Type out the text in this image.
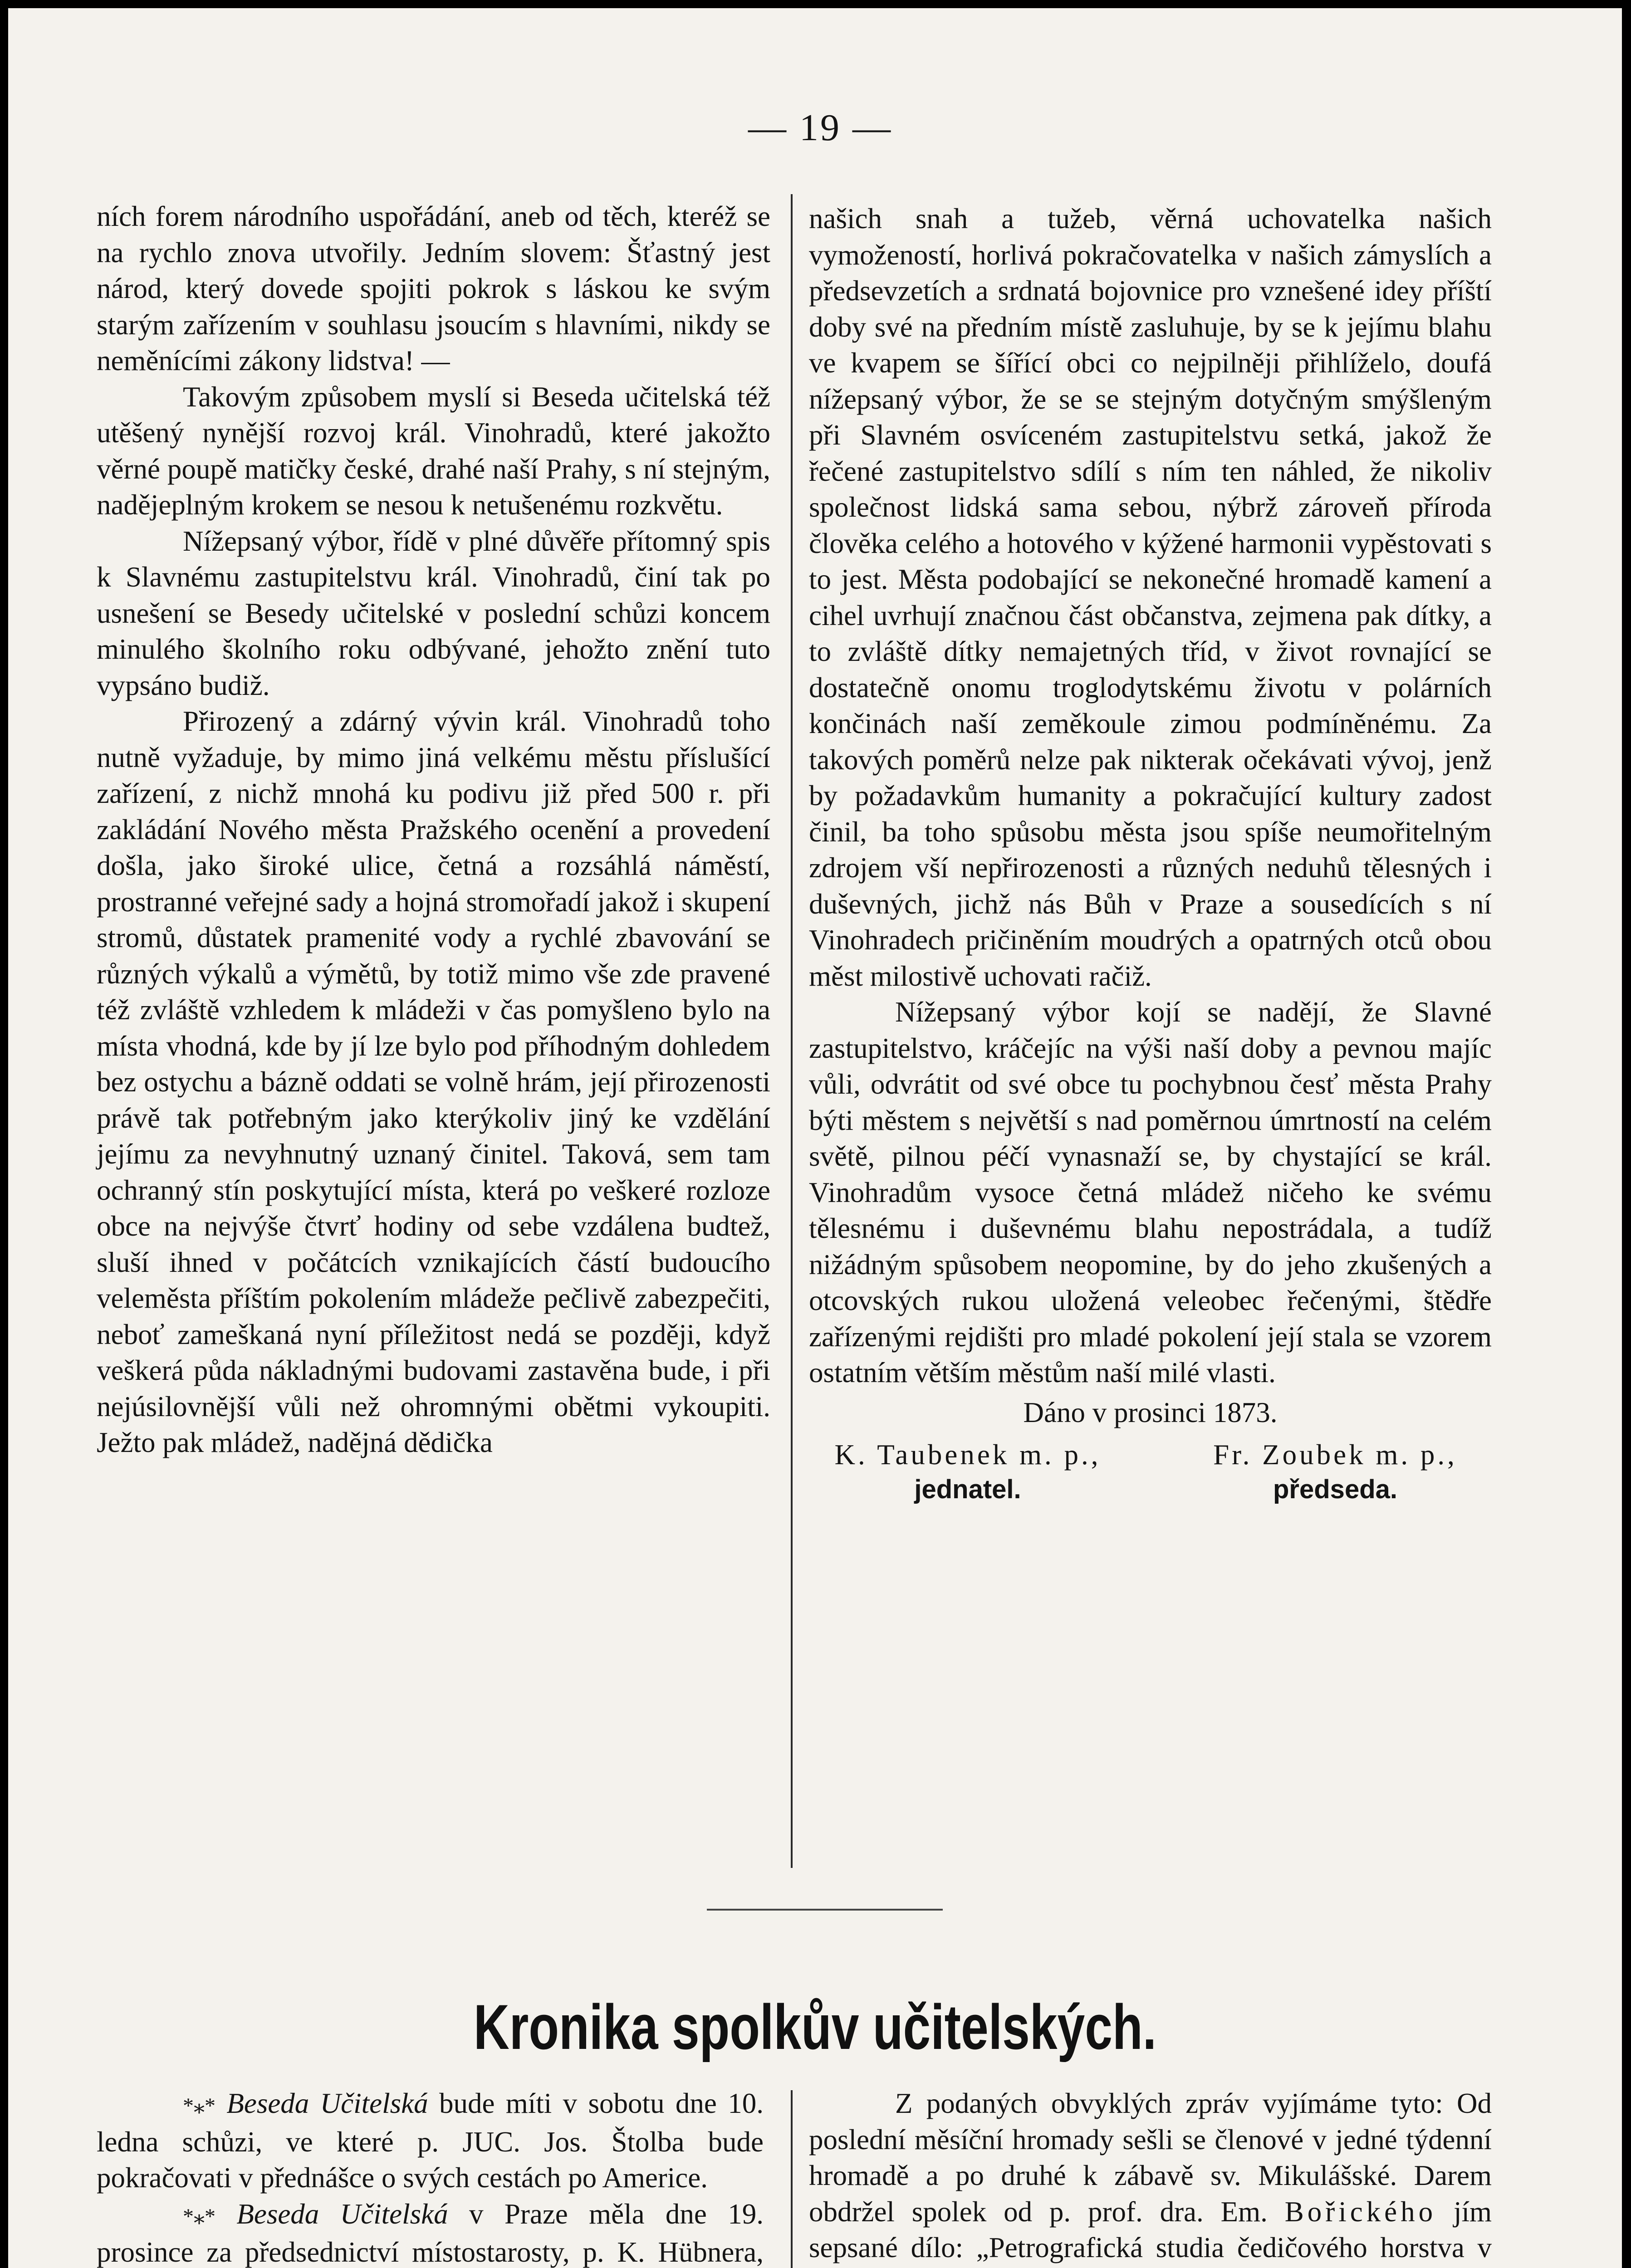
— 19 —

ních forem národního uspořádání, aneb od těch, kteréž se na rychlo znova utvořily. Jedním slovem: Šťastný jest národ, který dovede spojiti pokrok s láskou ke svým starým zařízením v souhlasu jsoucím s hlavními, nikdy se neměnícími zákony lidstva! —

Takovým způsobem myslí si Beseda učitelská též utěšený nynější rozvoj král. Vinohradů, které jakožto věrné poupě matičky české, drahé naší Prahy, s ní stejným, nadějeplným krokem se nesou k netušenému rozkvětu.

Nížepsaný výbor, řídě v plné důvěře přítomný spis k Slavnému zastupitelstvu král. Vinohradů, činí tak po usnešení se Besedy učitelské v poslední schůzi koncem minulého školního roku odbývané, jehožto znění tuto vypsáno budiž.

Přirozený a zdárný vývin král. Vinohradů toho nutně vyžaduje, by mimo jiná velkému městu příslušící zařízení, z nichž mnohá ku podivu již před 500 r. při zakládání Nového města Pražského ocenění a provedení došla, jako široké ulice, četná a rozsáhlá náměstí, prostranné veřejné sady a hojná stromořadí jakož i skupení stromů, důstatek pramenité vody a rychlé zbavování se různých výkalů a výmětů, by totiž mimo vše zde pravené též zvláště vzhledem k mládeži v čas pomyšleno bylo na místa vhodná, kde by jí lze bylo pod příhodným dohledem bez ostychu a bázně oddati se volně hrám, její přirozenosti právě tak potřebným jako kterýkoliv jiný ke vzdělání jejímu za nevyhnutný uznaný činitel. Taková, sem tam ochranný stín poskytující místa, která po veškeré rozloze obce na nejvýše čtvrť hodiny od sebe vzdálena budtež, sluší ihned v počátcích vznikajících částí budoucího veleměsta příštím pokolením mládeže pečlivě zabezpečiti, neboť zameškaná nyní příležitost nedá se později, když veškerá půda nákladnými budovami zastavěna bude, i při nejúsilovnější vůli než ohromnými obětmi vykoupiti. Ježto pak mládež, nadějná dědička

našich snah a tužeb, věrná uchovatelka našich vymožeností, horlivá pokračovatelka v našich zámyslích a předsevzetích a srdnatá bojovnice pro vznešené idey příští doby své na předním místě zasluhuje, by se k jejímu blahu ve kvapem se šířící obci co nejpilněji přihlíželo, doufá nížepsaný výbor, že se se stejným dotyčným smýšleným při Slavném osvíceném zastupitelstvu setká, jakož že řečené zastupitelstvo sdílí s ním ten náhled, že nikoliv společnost lidská sama sebou, nýbrž zároveň příroda člověka celého a hotového v kýžené harmonii vypěstovati s to jest. Města podobající se nekonečné hromadě kamení a cihel uvrhují značnou část občanstva, zejmena pak dítky, a to zvláště dítky nemajetných tříd, v život rovnající se dostatečně onomu troglodytskému životu v polárních končinách naší zeměkoule zimou podmíněnému. Za takových poměrů nelze pak nikterak očekávati vývoj, jenž by požadavkům humanity a pokračující kultury zadost činil, ba toho spůsobu města jsou spíše neumořitelným zdrojem vší nepřirozenosti a různých neduhů tělesných i duševných, jichž nás Bůh v Praze a sousedících s ní Vinohradech pričiněním moudrých a opatrných otců obou měst milostivě uchovati račiž.

Nížepsaný výbor kojí se nadějí, že Slavné zastupitelstvo, kráčejíc na výši naší doby a pevnou majíc vůli, odvrátit od své obce tu pochybnou česť města Prahy býti městem s největší s nad poměrnou úmrtností na celém světě, pilnou péčí vynasnaží se, by chystající se král. Vinohradům vysoce četná mládež ničeho ke svému tělesnému i duševnému blahu nepostrádala, a tudíž nižádným spůsobem neopomine, by do jeho zkušených a otcovských rukou uložená veleobec řečenými, štědře zařízenými rejdišti pro mladé pokolení její stala se vzorem ostatním větším městům naší milé vlasti.

Dáno v prosinci 1873.
K. Taubenek m. p.,
jednatel.
Fr. Zoubek m. p.,
předseda.
Kronika spolkův učitelských.

*⁎* Beseda Učitelská bude míti v sobotu dne 10. ledna schůzi, ve které p. JUC. Jos. Štolba bude pokračovati v přednášce o svých cestách po Americe.

*⁎* Beseda Učitelská v Praze měla dne 19. prosince za předsednictví místostarosty, p. K. Hübnera,

Z podaných obvyklých zpráv vyjímáme tyto: Od poslední měsíční hromady sešli se členové v jedné týdenní hromadě a po druhé k zábavě sv. Mikulášské. Darem obdržel spolek od p. prof. dra. Em. Bořického jím sepsané dílo: „Petrografická studia čedičového horstva v
